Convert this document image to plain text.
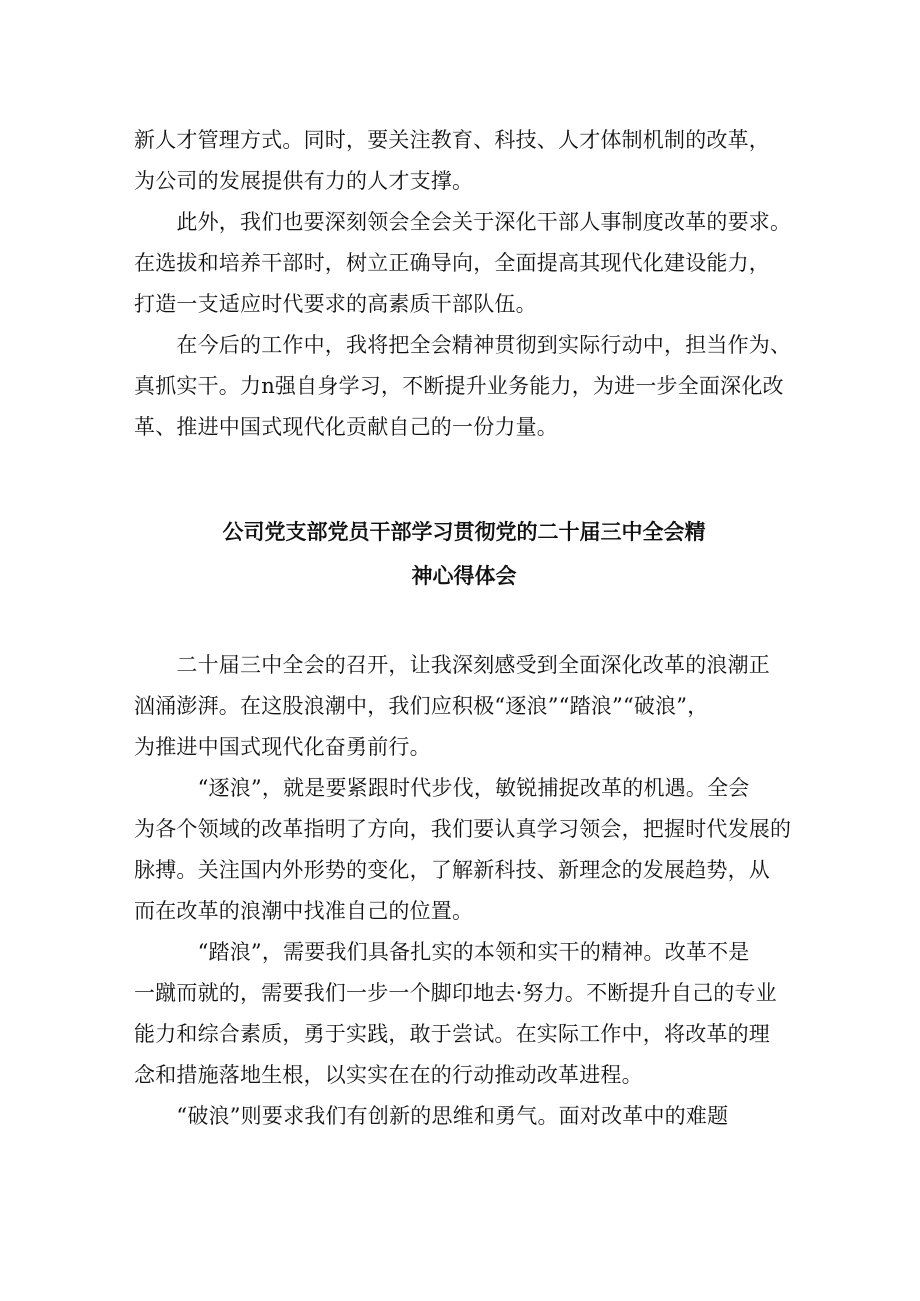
新人才管理方式。同时，要关注教育、科技、人才体制机制的改革，
为公司的发展提供有力的人才支撑。

　　此外，我们也要深刻领会全会关于深化干部人事制度改革的要求。
在选拔和培养干部时，树立正确导向，全面提高其现代化建设能力，
打造一支适应时代要求的高素质干部队伍。

　　在今后的工作中，我将把全会精神贯彻到实际行动中，担当作为、
真抓实干。力n强自身学习，不断提升业务能力，为进一步全面深化改
革、推进中国式现代化贡献自己的一份力量。

公司党支部党员干部学习贯彻党的二十届三中全会精
神心得体会

　　二十届三中全会的召开，让我深刻感受到全面深化改革的浪潮正
汹涌澎湃。在这股浪潮中，我们应积极“逐浪”“踏浪”“破浪”，
为推进中国式现代化奋勇前行。

　　　“逐浪”，就是要紧跟时代步伐，敏锐捕捉改革的机遇。全会
为各个领域的改革指明了方向，我们要认真学习领会，把握时代发展的
脉搏。关注国内外形势的变化，了解新科技、新理念的发展趋势，从
而在改革的浪潮中找准自己的位置。

　　　“踏浪”，需要我们具备扎实的本领和实干的精神。改革不是
一蹴而就的，需要我们一步一个脚印地去·努力。不断提升自己的专业
能力和综合素质，勇于实践，敢于尝试。在实际工作中，将改革的理
念和措施落地生根，以实实在在的行动推动改革进程。

　　“破浪”则要求我们有创新的思维和勇气。面对改革中的难题
